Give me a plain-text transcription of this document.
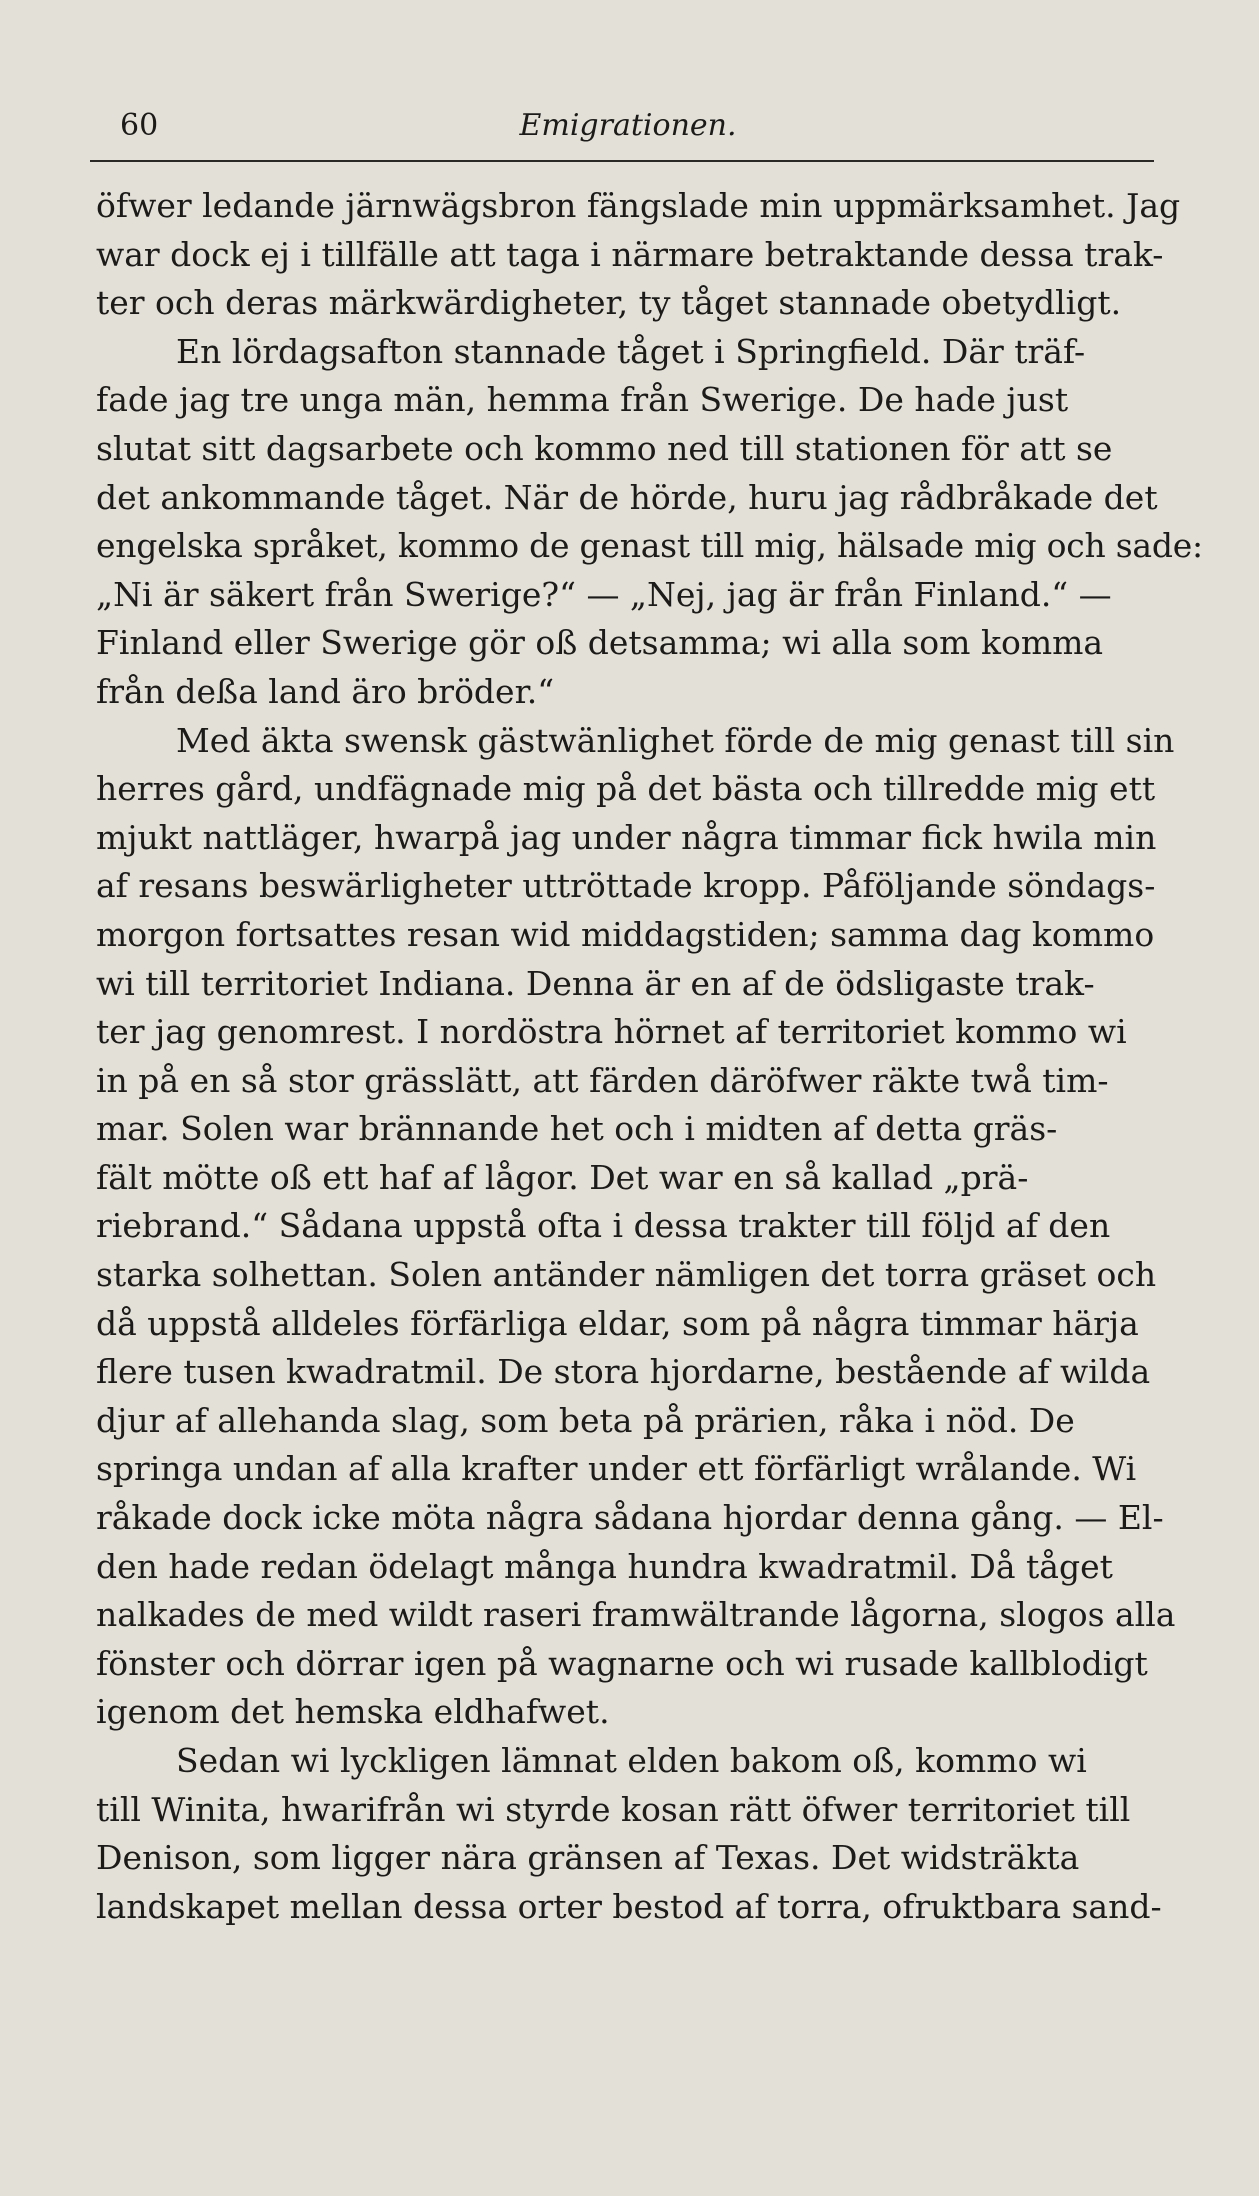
60	Emigrationen.
öfwer ledande järnwägsbron fängslade min uppmärksamhet. Jag
war dock ej i tillfälle att taga i närmare betraktande dessa trak-
ter och deras märkwärdigheter, ty tåget stannade obetydligt.
En lördagsafton stannade tåget i Springfield. Där träf-
fade jag tre unga män, hemma från Swerige. De hade just
slutat sitt dagsarbete och kommo ned till stationen för att se
det ankommande tåget. När de hörde, huru jag rådbråkade det
engelska språket, kommo de genast till mig, hälsade mig och sade:
„Ni är säkert från Swerige?“ — „Nej, jag är från Finland.“ —
Finland eller Swerige gör oß detsamma; wi alla som komma
från deßa land äro bröder.“
Med äkta swensk gästwänlighet förde de mig genast till sin
herres gård, undfägnade mig på det bästa och tillredde mig ett
mjukt nattläger, hwarpå jag under några timmar fick hwila min
af resans beswärligheter uttröttade kropp. Påföljande söndags-
morgon fortsattes resan wid middagstiden; samma dag kommo
wi till territoriet Indiana. Denna är en af de ödsligaste trak-
ter jag genomrest. I nordöstra hörnet af territoriet kommo wi
in på en så stor grässlätt, att färden däröfwer räkte twå tim-
mar. Solen war brännande het och i midten af detta gräs-
fält mötte oß ett haf af lågor. Det war en så kallad „prä-
riebrand.“ Sådana uppstå ofta i dessa trakter till följd af den
starka solhettan. Solen antänder nämligen det torra gräset och
då uppstå alldeles förfärliga eldar, som på några timmar härja
flere tusen kwadratmil. De stora hjordarne, bestående af wilda
djur af allehanda slag, som beta på prärien, råka i nöd. De
springa undan af alla krafter under ett förfärligt wrålande. Wi
råkade dock icke möta några sådana hjordar denna gång. — El-
den hade redan ödelagt många hundra kwadratmil. Då tåget
nalkades de med wildt raseri framwältrande lågorna, slogos alla
fönster och dörrar igen på wagnarne och wi rusade kallblodigt
igenom det hemska eldhafwet.
Sedan wi lyckligen lämnat elden bakom oß, kommo wi
till Winita, hwarifrån wi styrde kosan rätt öfwer territoriet till
Denison, som ligger nära gränsen af Texas. Det widsträkta
landskapet mellan dessa orter bestod af torra, ofruktbara sand-
